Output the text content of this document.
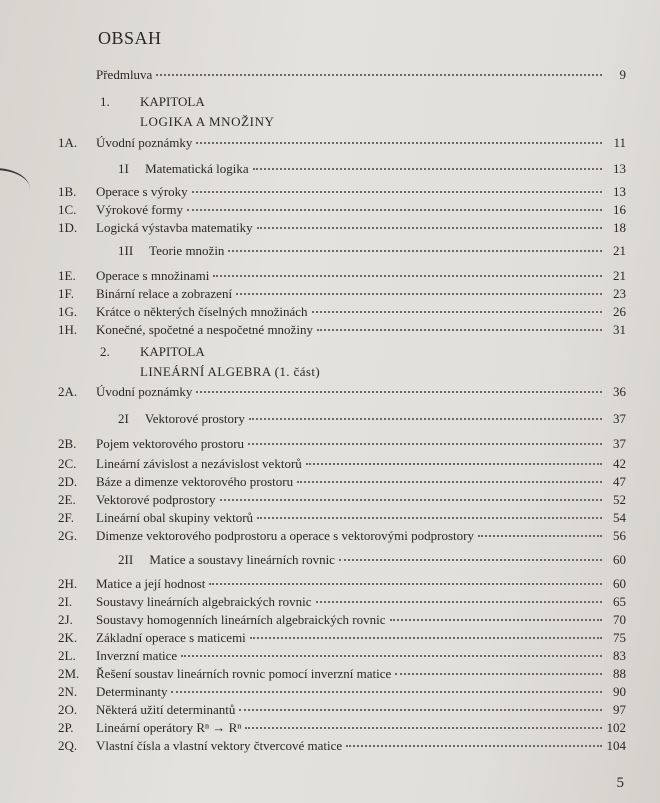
OBSAH
Předmluva	9
1. KAPITOLA
LOGIKA A MNOŽINY
1A. Úvodní poznámky	11
1I     Matematická logika	13
1B. Operace s výroky	13
1C. Výrokové formy	16
1D. Logická výstavba matematiky	18
1II     Teorie množin	21
1E. Operace s množinami	21
1F. Binární relace a zobrazení	23
1G. Krátce o některých číselných množinách	26
1H. Konečné, spočetné a nespočetné množiny	31
2. KAPITOLA
LINEÁRNÍ ALGEBRA (1. část)
2A. Úvodní poznámky	36
2I     Vektorové prostory	37
2B. Pojem vektorového prostoru	37
2C. Lineární závislost a nezávislost vektorů	42
2D. Báze a dimenze vektorového prostoru	47
2E. Vektorové podprostory	52
2F. Lineární obal skupiny vektorů	54
2G. Dimenze vektorového podprostoru a operace s vektorovými podprostory	56
2II     Matice a soustavy lineárních rovnic	60
2H. Matice a její hodnost	60
2I. Soustavy lineárních algebraických rovnic	65
2J. Soustavy homogenních lineárních algebraických rovnic	70
2K. Základní operace s maticemi	75
2L. Inverzní matice	83
2M. Řešení soustav lineárních rovnic pomocí inverzní matice	88
2N. Determinanty	90
2O. Některá užití determinantů	97
2P. Lineární operátory Rⁿ → Rⁿ	102
2Q. Vlastní čísla a vlastní vektory čtvercové matice	104
5
